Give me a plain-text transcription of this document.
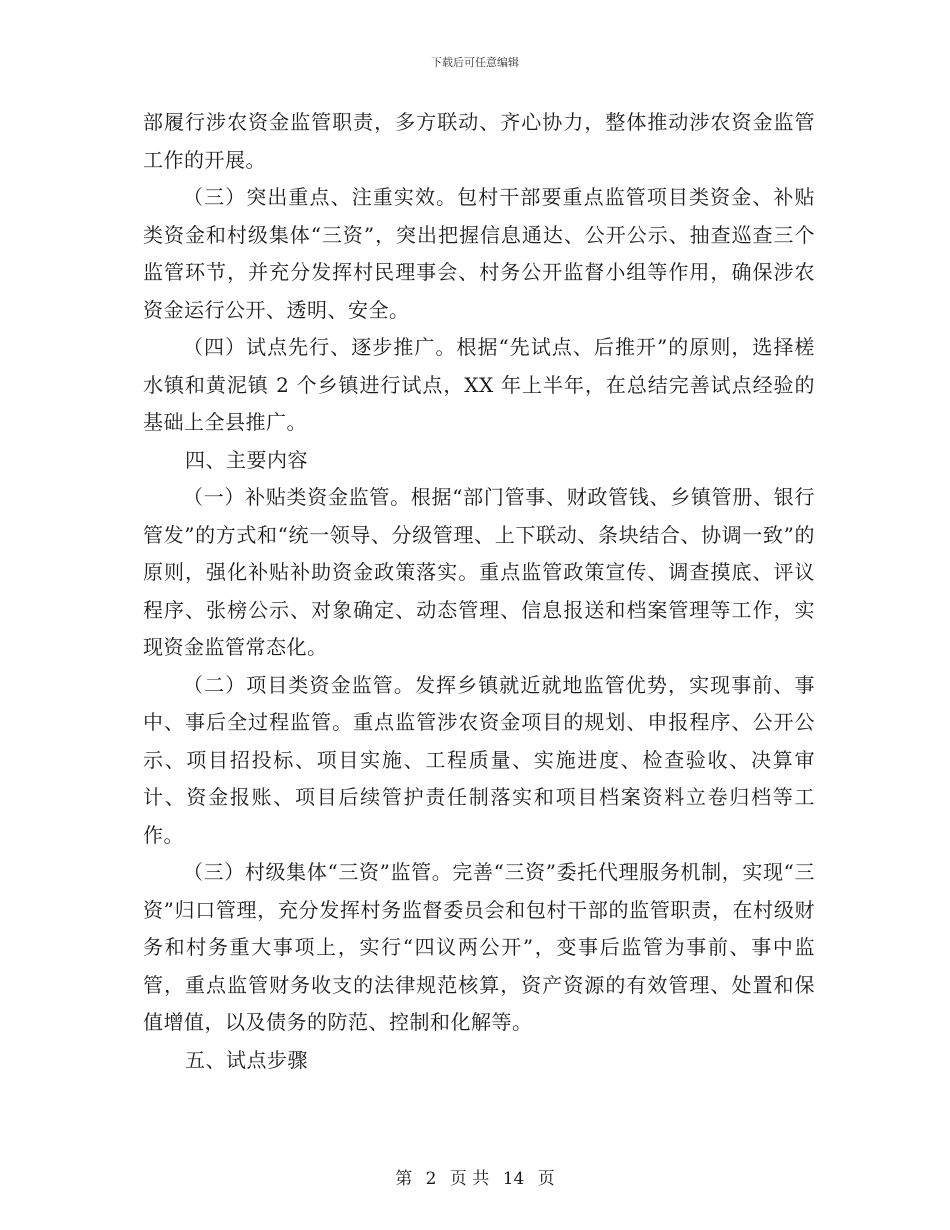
下载后可任意编辑

部履行涉农资金监管职责，多方联动、齐心协力，整体推动涉农资金监管工作的开展。

（三）突出重点、注重实效。包村干部要重点监管项目类资金、补贴类资金和村级集体“三资”，突出把握信息通达、公开公示、抽查巡查三个监管环节，并充分发挥村民理事会、村务公开监督小组等作用，确保涉农资金运行公开、透明、安全。

（四）试点先行、逐步推广。根据“先试点、后推开”的原则，选择槎水镇和黄泥镇 2 个乡镇进行试点，XX 年上半年，在总结完善试点经验的基础上全县推广。

四、主要内容

（一）补贴类资金监管。根据“部门管事、财政管钱、乡镇管册、银行管发”的方式和“统一领导、分级管理、上下联动、条块结合、协调一致”的原则，强化补贴补助资金政策落实。重点监管政策宣传、调查摸底、评议程序、张榜公示、对象确定、动态管理、信息报送和档案管理等工作，实现资金监管常态化。

（二）项目类资金监管。发挥乡镇就近就地监管优势，实现事前、事中、事后全过程监管。重点监管涉农资金项目的规划、申报程序、公开公示、项目招投标、项目实施、工程质量、实施进度、检查验收、决算审计、资金报账、项目后续管护责任制落实和项目档案资料立卷归档等工作。

（三）村级集体“三资”监管。完善“三资”委托代理服务机制，实现“三资”归口管理，充分发挥村务监督委员会和包村干部的监管职责，在村级财务和村务重大事项上，实行“四议两公开”，变事后监管为事前、事中监管，重点监管财务收支的法律规范核算，资产资源的有效管理、处置和保值增值，以及债务的防范、控制和化解等。

五、试点步骤

第 2 页 共 14 页
